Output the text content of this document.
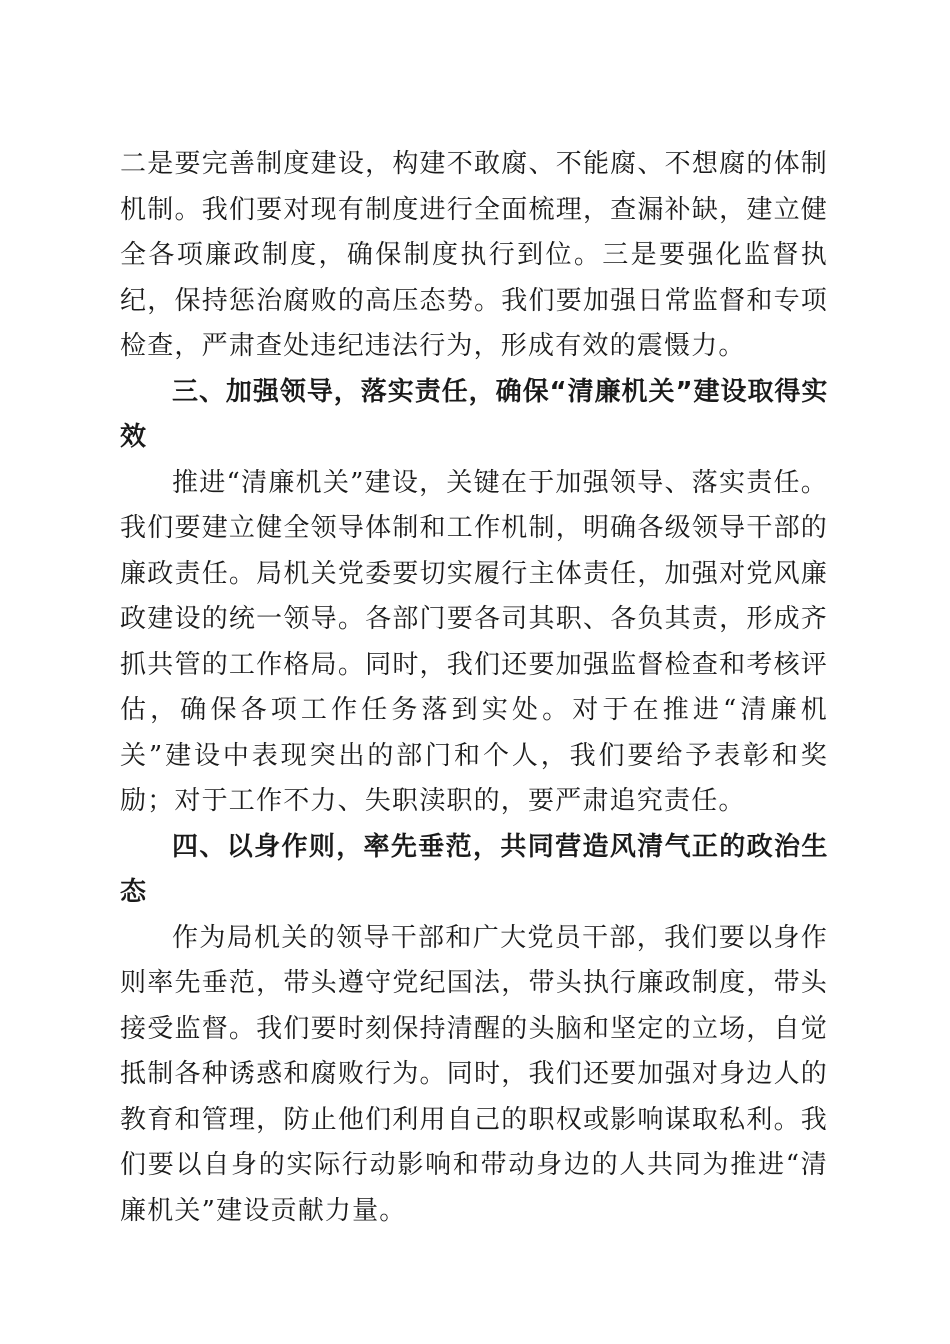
二是要完善制度建设，构建不敢腐、不能腐、不想腐的体制机制。我们要对现有制度进行全面梳理，查漏补缺，建立健全各项廉政制度，确保制度执行到位。三是要强化监督执纪，保持惩治腐败的高压态势。我们要加强日常监督和专项检查，严肃查处违纪违法行为，形成有效的震慑力。

三、加强领导，落实责任，确保“清廉机关”建设取得实效

推进“清廉机关”建设，关键在于加强领导、落实责任。我们要建立健全领导体制和工作机制，明确各级领导干部的廉政责任。局机关党委要切实履行主体责任，加强对党风廉政建设的统一领导。各部门要各司其职、各负其责，形成齐抓共管的工作格局。同时，我们还要加强监督检查和考核评估，确保各项工作任务落到实处。对于在推进“清廉机关”建设中表现突出的部门和个人，我们要给予表彰和奖励；对于工作不力、失职渎职的，要严肃追究责任。

四、以身作则，率先垂范，共同营造风清气正的政治生态

作为局机关的领导干部和广大党员干部，我们要以身作则率先垂范，带头遵守党纪国法，带头执行廉政制度，带头接受监督。我们要时刻保持清醒的头脑和坚定的立场，自觉抵制各种诱惑和腐败行为。同时，我们还要加强对身边人的教育和管理，防止他们利用自己的职权或影响谋取私利。我们要以自身的实际行动影响和带动身边的人共同为推进“清廉机关”建设贡献力量。
